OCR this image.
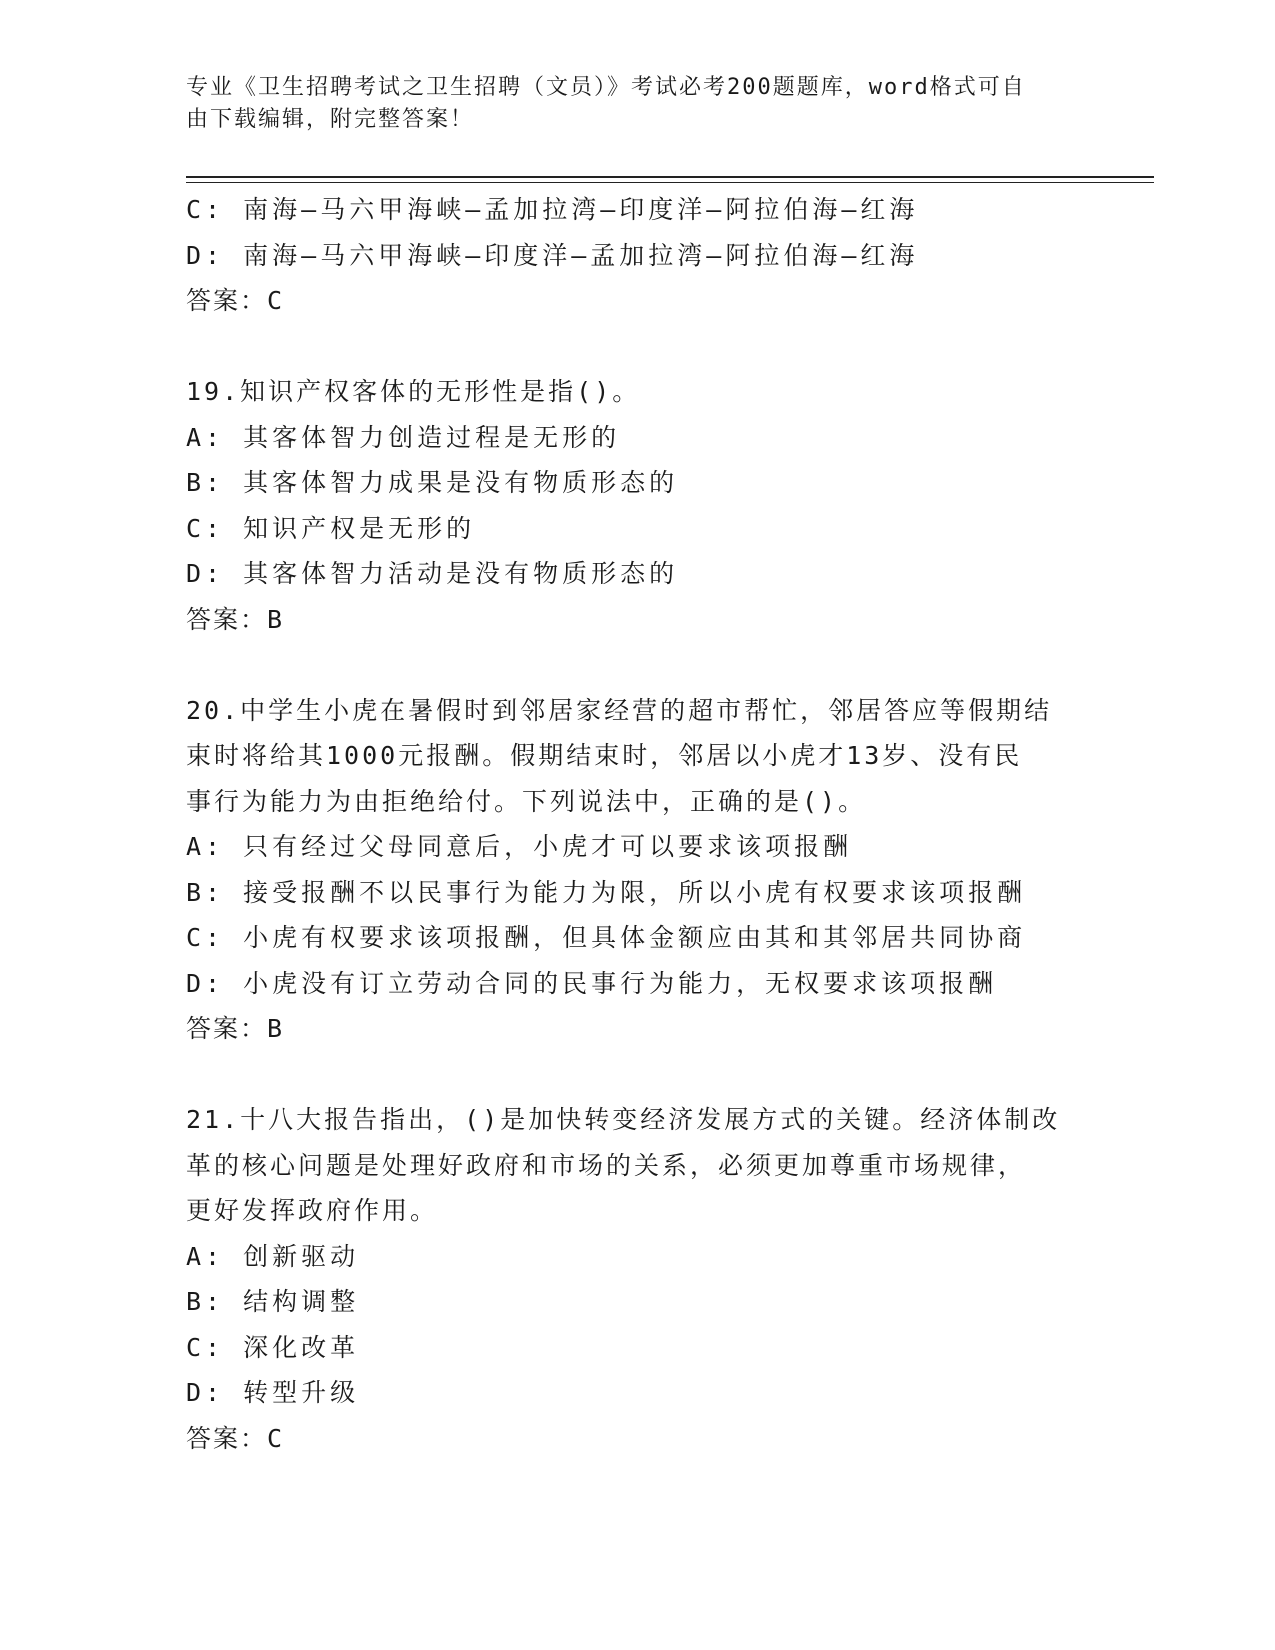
专业《卫生招聘考试之卫生招聘（文员）》考试必考200题题库，word格式可自
由下载编辑，附完整答案！

C: 南海—马六甲海峡—孟加拉湾—印度洋—阿拉伯海—红海

D: 南海—马六甲海峡—印度洋—孟加拉湾—阿拉伯海—红海

答案：C

19.知识产权客体的无形性是指()。

A: 其客体智力创造过程是无形的

B: 其客体智力成果是没有物质形态的

C: 知识产权是无形的

D: 其客体智力活动是没有物质形态的

答案：B

20.中学生小虎在暑假时到邻居家经营的超市帮忙，邻居答应等假期结

束时将给其1000元报酬。假期结束时，邻居以小虎才13岁、没有民

事行为能力为由拒绝给付。下列说法中，正确的是()。

A: 只有经过父母同意后，小虎才可以要求该项报酬

B: 接受报酬不以民事行为能力为限，所以小虎有权要求该项报酬

C: 小虎有权要求该项报酬，但具体金额应由其和其邻居共同协商

D: 小虎没有订立劳动合同的民事行为能力，无权要求该项报酬

答案：B

21.十八大报告指出，()是加快转变经济发展方式的关键。经济体制改

革的核心问题是处理好政府和市场的关系，必须更加尊重市场规律，

更好发挥政府作用。

A: 创新驱动

B: 结构调整

C: 深化改革

D: 转型升级

答案：C
